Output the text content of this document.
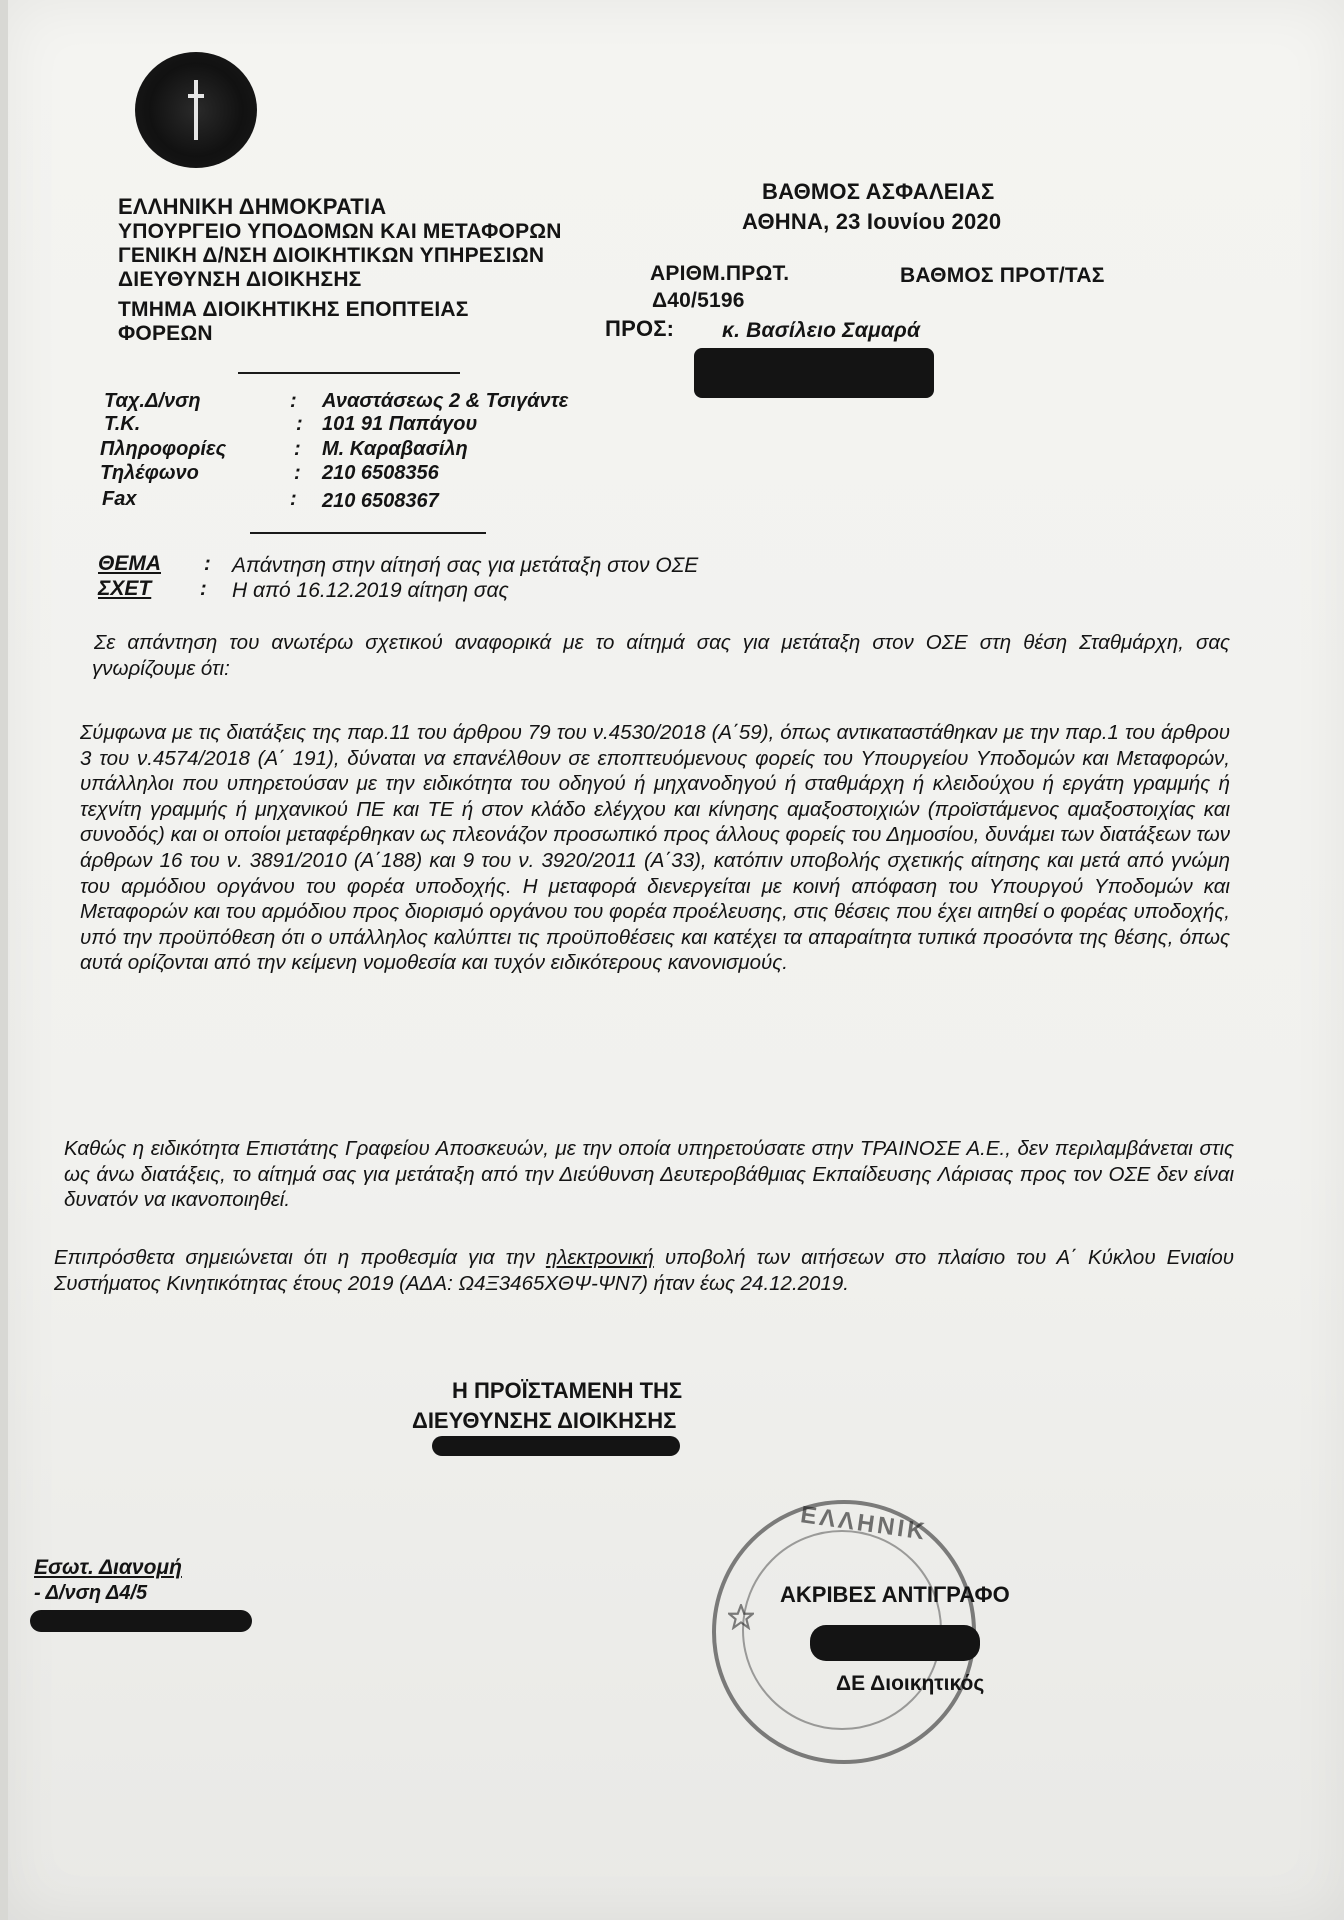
ΕΛΛΗΝΙΚΗ ΔΗΜΟΚΡΑΤΙΑ
ΥΠΟΥΡΓΕΙΟ ΥΠΟΔΟΜΩΝ ΚΑΙ ΜΕΤΑΦΟΡΩΝ
ΓΕΝΙΚΗ Δ/ΝΣΗ ΔΙΟΙΚΗΤΙΚΩΝ ΥΠΗΡΕΣΙΩΝ
ΔΙΕΥΘΥΝΣΗ ΔΙΟΙΚΗΣΗΣ
ΤΜΗΜΑ ΔΙΟΙΚΗΤΙΚΗΣ ΕΠΟΠΤΕΙΑΣ
ΦΟΡΕΩΝ
ΒΑΘΜΟΣ ΑΣΦΑΛΕΙΑΣ
ΑΘΗΝΑ, 23 Ιουνίου 2020
ΑΡΙΘΜ.ΠΡΩΤ.	ΒΑΘΜΟΣ ΠΡΟΤ/ΤΑΣ
Δ40/5196
ΠΡΟΣ: κ. Βασίλειο Σαμαρά
Ταχ.Δ/νση	: Αναστάσεως 2 & Τσιγάντε
Τ.Κ.	: 101 91 Παπάγου
Πληροφορίες	: Μ. Καραβασίλη
Τηλέφωνο	: 210 6508356
Fax	: 210 6508367
ΘΕΜΑ : Απάντηση στην αίτησή σας για μετάταξη στον ΟΣΕ
ΣΧΕΤ : Η από 16.12.2019 αίτηση σας
Σε απάντηση του ανωτέρω σχετικού αναφορικά με το αίτημά σας για μετάταξη στον ΟΣΕ στη θέση Σταθμάρχη, σας γνωρίζουμε ότι:
Σύμφωνα με τις διατάξεις της παρ.11 του άρθρου 79 του ν.4530/2018 (Α΄59), όπως αντικαταστάθηκαν με την παρ.1 του άρθρου 3 του ν.4574/2018 (Α΄ 191), δύναται να επανέλθουν σε εποπτευόμενους φορείς του Υπουργείου Υποδομών και Μεταφορών, υπάλληλοι που υπηρετούσαν με την ειδικότητα του οδηγού ή μηχανοδηγού ή σταθμάρχη ή κλειδούχου ή εργάτη γραμμής ή τεχνίτη γραμμής ή μηχανικού ΠΕ και ΤΕ ή στον κλάδο ελέγχου και κίνησης αμαξοστοιχιών (προϊστάμενος αμαξοστοιχίας και συνοδός) και οι οποίοι μεταφέρθηκαν ως πλεονάζον προσωπικό προς άλλους φορείς του Δημοσίου, δυνάμει των διατάξεων των άρθρων 16 του ν. 3891/2010 (Α΄188) και 9 του ν. 3920/2011 (Α΄33), κατόπιν υποβολής σχετικής αίτησης και μετά από γνώμη του αρμόδιου οργάνου του φορέα υποδοχής. Η μεταφορά διενεργείται με κοινή απόφαση του Υπουργού Υποδομών και Μεταφορών και του αρμόδιου προς διορισμό οργάνου του φορέα προέλευσης, στις θέσεις που έχει αιτηθεί ο φορέας υποδοχής, υπό την προϋπόθεση ότι ο υπάλληλος καλύπτει τις προϋποθέσεις και κατέχει τα απαραίτητα τυπικά προσόντα της θέσης, όπως αυτά ορίζονται από την κείμενη νομοθεσία και τυχόν ειδικότερους κανονισμούς.
Καθώς η ειδικότητα Επιστάτης Γραφείου Αποσκευών, με την οποία υπηρετούσατε στην ΤΡΑΙΝΟΣΕ Α.Ε., δεν περιλαμβάνεται στις ως άνω διατάξεις, το αίτημά σας για μετάταξη από την Διεύθυνση Δευτεροβάθμιας Εκπαίδευσης Λάρισας προς τον ΟΣΕ δεν είναι δυνατόν να ικανοποιηθεί.
Επιπρόσθετα σημειώνεται ότι η προθεσμία για την ηλεκτρονική υποβολή των αιτήσεων στο πλαίσιο του Α΄ Κύκλου Ενιαίου Συστήματος Κινητικότητας έτους 2019 (ΑΔΑ: Ω4Ξ3465ΧΘΨ-ΨΝ7) ήταν έως 24.12.2019.
Η ΠΡΟΪΣΤΑΜΕΝΗ ΤΗΣ
ΔΙΕΥΘΥΝΣΗΣ ΔΙΟΙΚΗΣΗΣ
Εσωτ. Διανομή
- Δ/νση Δ4/5
ΕΛΛΗΝΙΚ
ΑΚΡΙΒΕΣ ΑΝΤΙΓΡΑΦΟ
ΔΕ Διοικητικός
